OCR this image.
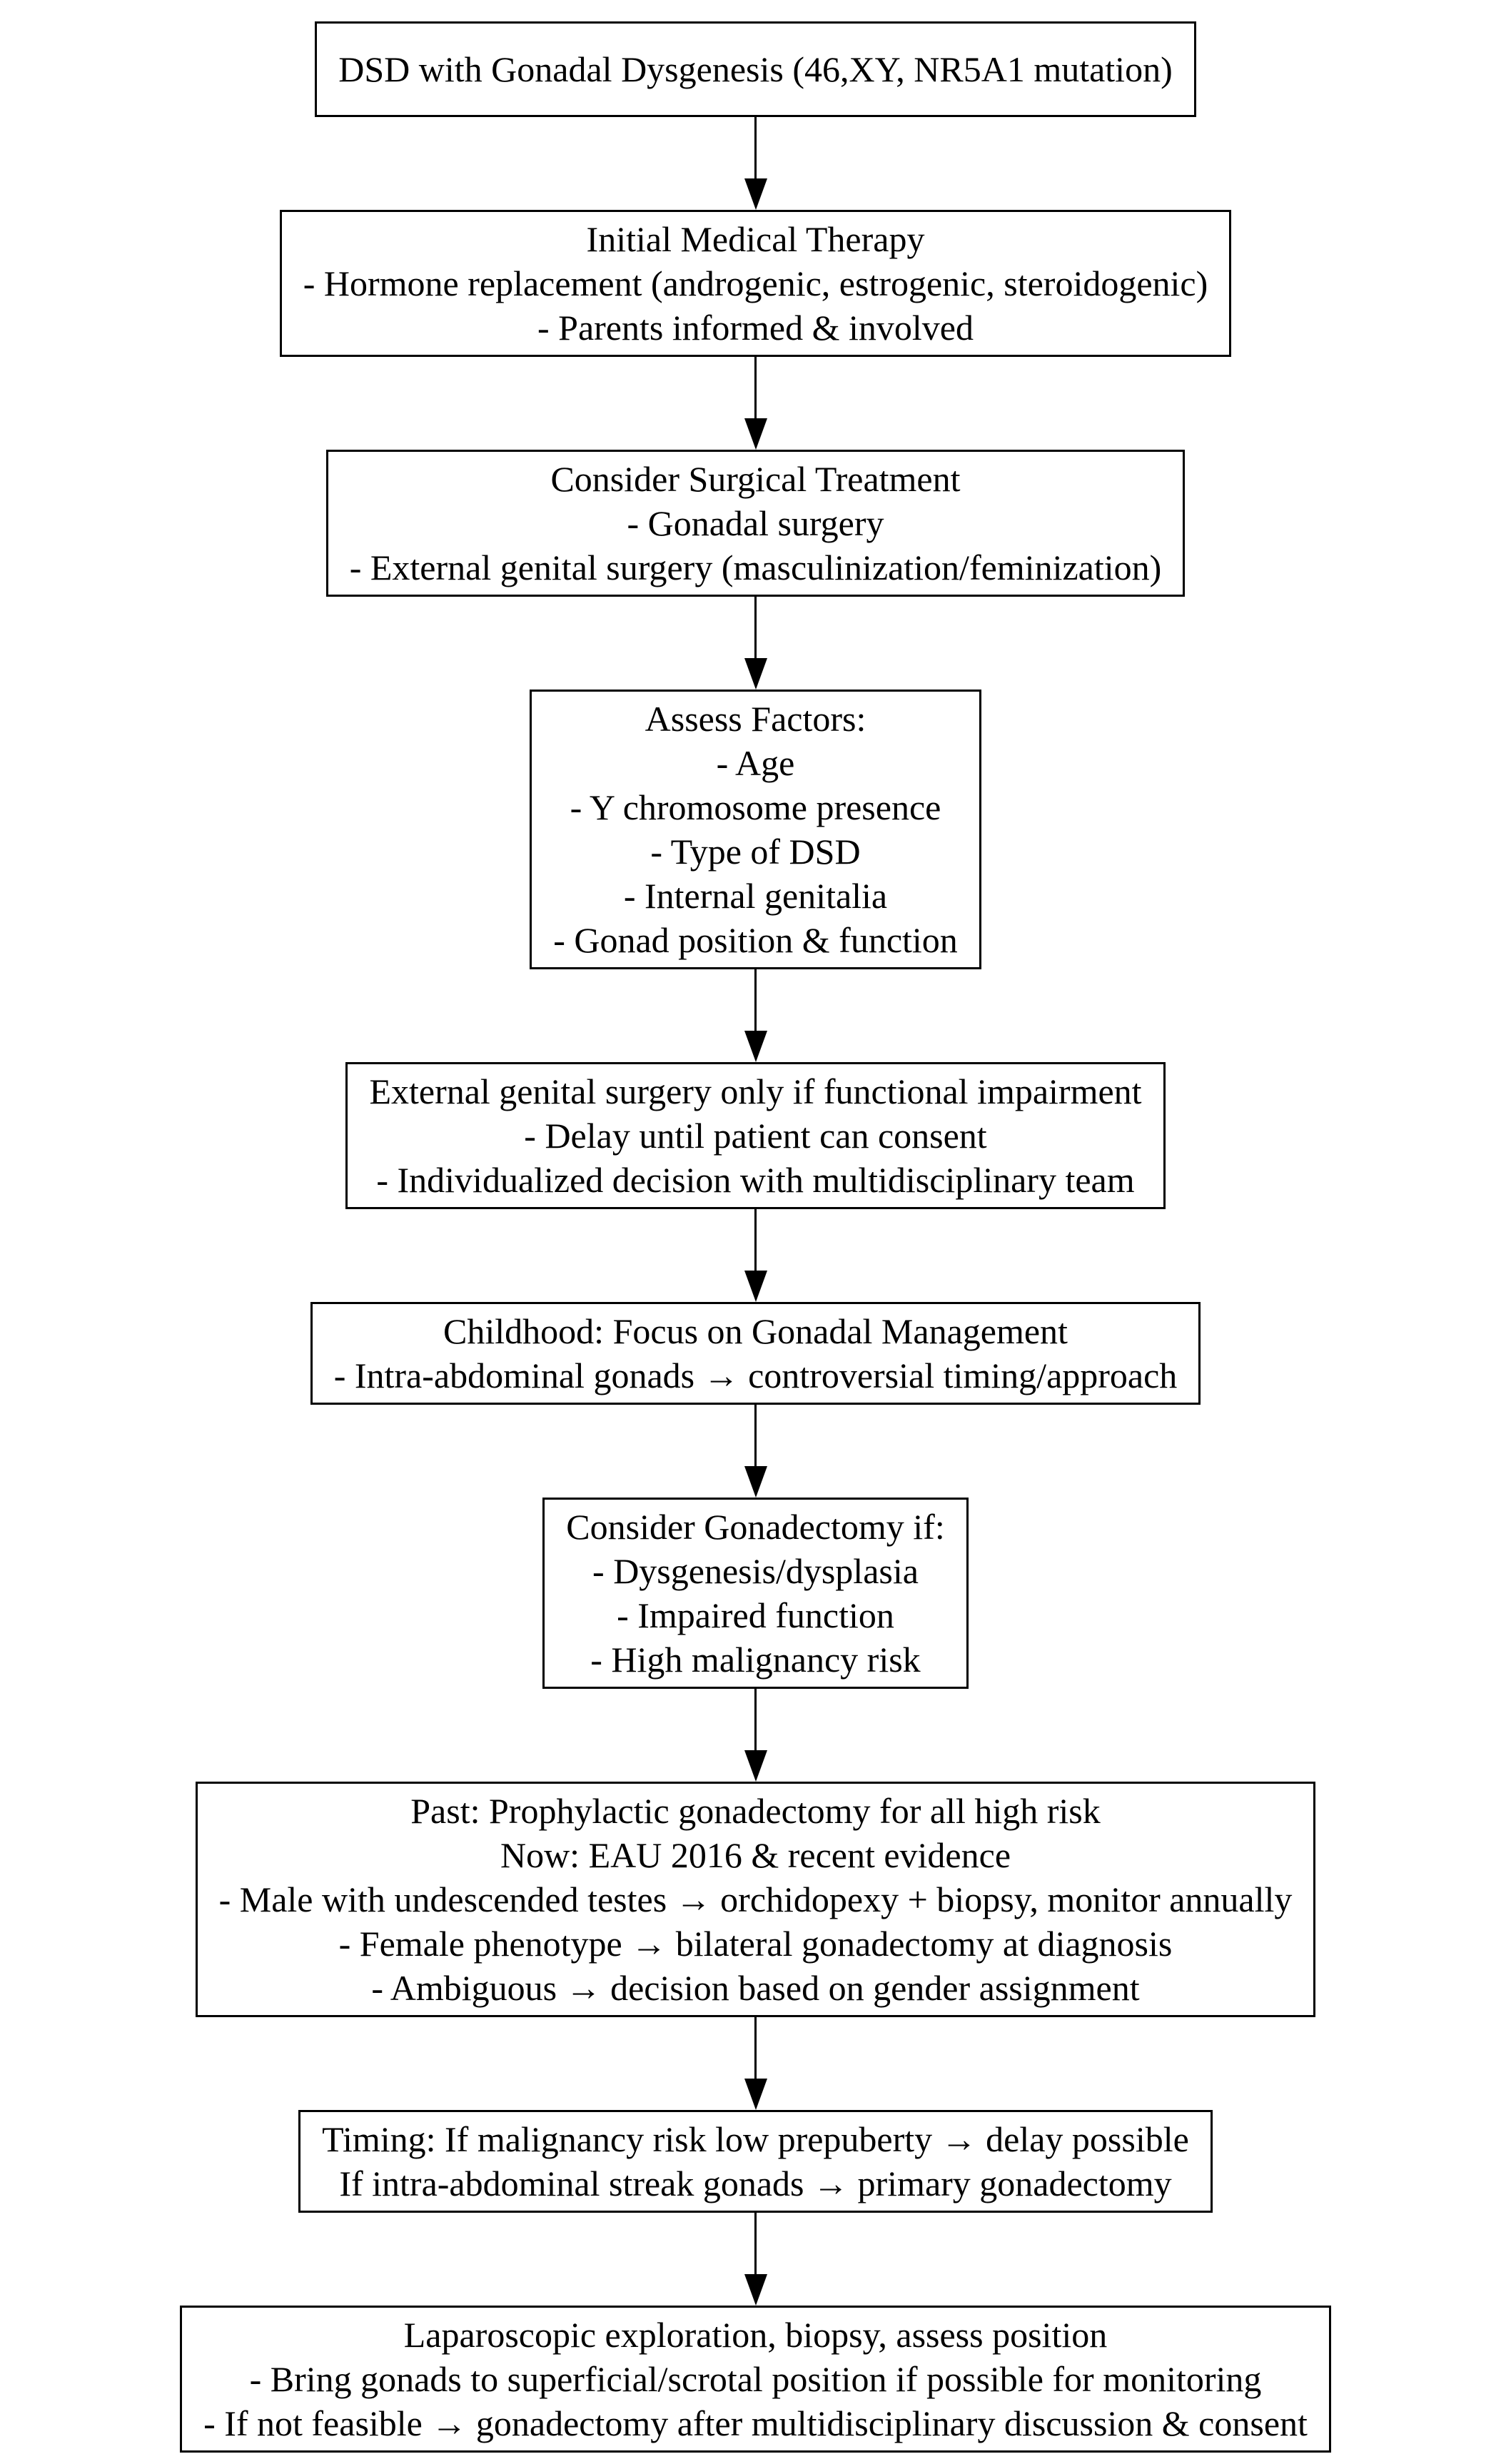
DSD with Gonadal Dysgenesis (46,XY, NR5A1 mutation)
Initial Medical Therapy
- Hormone replacement (androgenic, estrogenic, steroidogenic)
- Parents informed & involved
Consider Surgical Treatment
- Gonadal surgery
- External genital surgery (masculinization/feminization)
Assess Factors:
- Age
- Y chromosome presence
- Type of DSD
- Internal genitalia
- Gonad position & function
External genital surgery only if functional impairment
- Delay until patient can consent
- Individualized decision with multidisciplinary team
Childhood: Focus on Gonadal Management
- Intra-abdominal gonads → controversial timing/approach
Consider Gonadectomy if:
- Dysgenesis/dysplasia
- Impaired function
- High malignancy risk
Past: Prophylactic gonadectomy for all high risk
Now: EAU 2016 & recent evidence
- Male with undescended testes → orchidopexy + biopsy, monitor annually
- Female phenotype → bilateral gonadectomy at diagnosis
- Ambiguous → decision based on gender assignment
Timing: If malignancy risk low prepuberty → delay possible
If intra-abdominal streak gonads → primary gonadectomy
Laparoscopic exploration, biopsy, assess position
- Bring gonads to superficial/scrotal position if possible for monitoring
- If not feasible → gonadectomy after multidisciplinary discussion & consent
